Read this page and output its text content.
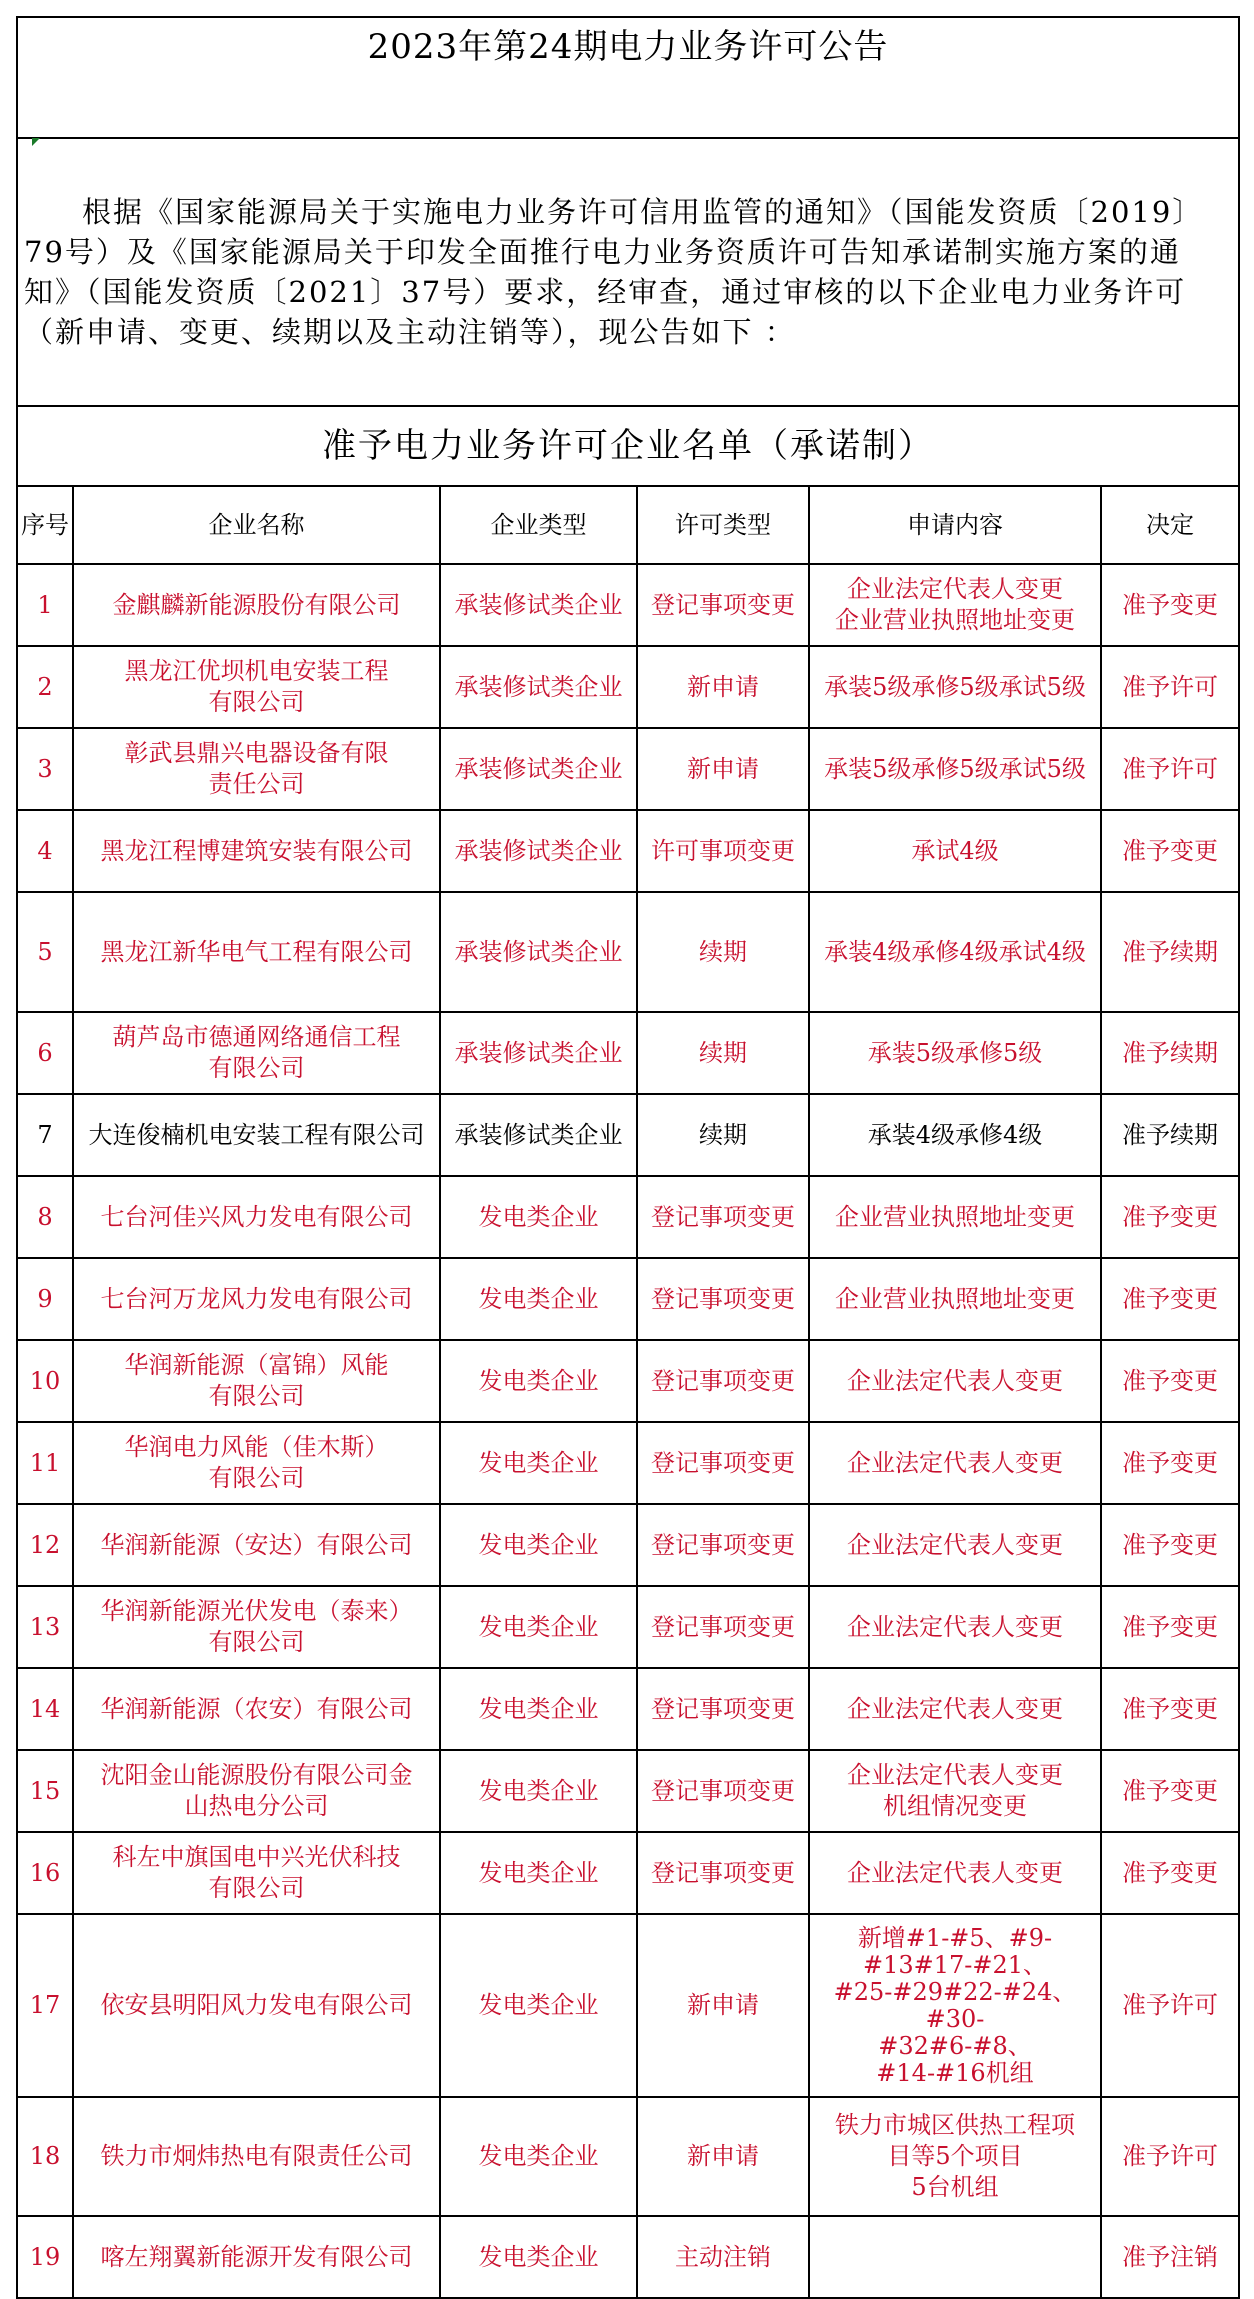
2023年第24期电力业务许可公告					

根据《国家能源局关于实施电力业务许可信用监管的通知》（国能发资质〔2019〕79号）及《国家能源局关于印发全面推行电力业务资质许可告知承诺制实施方案的通知》（国能发资质〔2021〕37号）要求，经审查，通过审核的以下企业电力业务许可（新申请、变更、续期以及主动注销等），现公告如下 ：					

准予电力业务许可企业名单（承诺制）					
序号	企业名称	企业类型	许可类型	申请内容	决定
1	金麒麟新能源股份有限公司	承装修试类企业	登记事项变更	企业法定代表人变更
企业营业执照地址变更	准予变更
2	黑龙江优坝机电安装工程
有限公司	承装修试类企业	新申请	承装5级承修5级承试5级	准予许可
3	彰武县鼎兴电器设备有限
责任公司	承装修试类企业	新申请	承装5级承修5级承试5级	准予许可
4	黑龙江程博建筑安装有限公司	承装修试类企业	许可事项变更	承试4级	准予变更
5	黑龙江新华电气工程有限公司	承装修试类企业	续期	承装4级承修4级承试4级	准予续期
6	葫芦岛市德通网络通信工程
有限公司	承装修试类企业	续期	承装5级承修5级	准予续期
7	大连俊楠机电安装工程有限公司	承装修试类企业	续期	承装4级承修4级	准予续期
8	七台河佳兴风力发电有限公司	发电类企业	登记事项变更	企业营业执照地址变更	准予变更
9	七台河万龙风力发电有限公司	发电类企业	登记事项变更	企业营业执照地址变更	准予变更
10	华润新能源（富锦）风能
有限公司	发电类企业	登记事项变更	企业法定代表人变更	准予变更
11	华润电力风能（佳木斯）
有限公司	发电类企业	登记事项变更	企业法定代表人变更	准予变更
12	华润新能源（安达）有限公司	发电类企业	登记事项变更	企业法定代表人变更	准予变更
13	华润新能源光伏发电（泰来）
有限公司	发电类企业	登记事项变更	企业法定代表人变更	准予变更
14	华润新能源（农安）有限公司	发电类企业	登记事项变更	企业法定代表人变更	准予变更
15	沈阳金山能源股份有限公司金
山热电分公司	发电类企业	登记事项变更	企业法定代表人变更
机组情况变更	准予变更
16	科左中旗国电中兴光伏科技
有限公司	发电类企业	登记事项变更	企业法定代表人变更	准予变更
17	依安县明阳风力发电有限公司	发电类企业	新申请	新增#1-#5、#9-
#13#17-#21、
#25-#29#22-#24、#30-
#32#6-#8、
#14-#16机组	准予许可
18	铁力市炯炜热电有限责任公司	发电类企业	新申请	铁力市城区供热工程项
目等5个项目
5台机组	准予许可
19	喀左翔翼新能源开发有限公司	发电类企业	主动注销		准予注销
